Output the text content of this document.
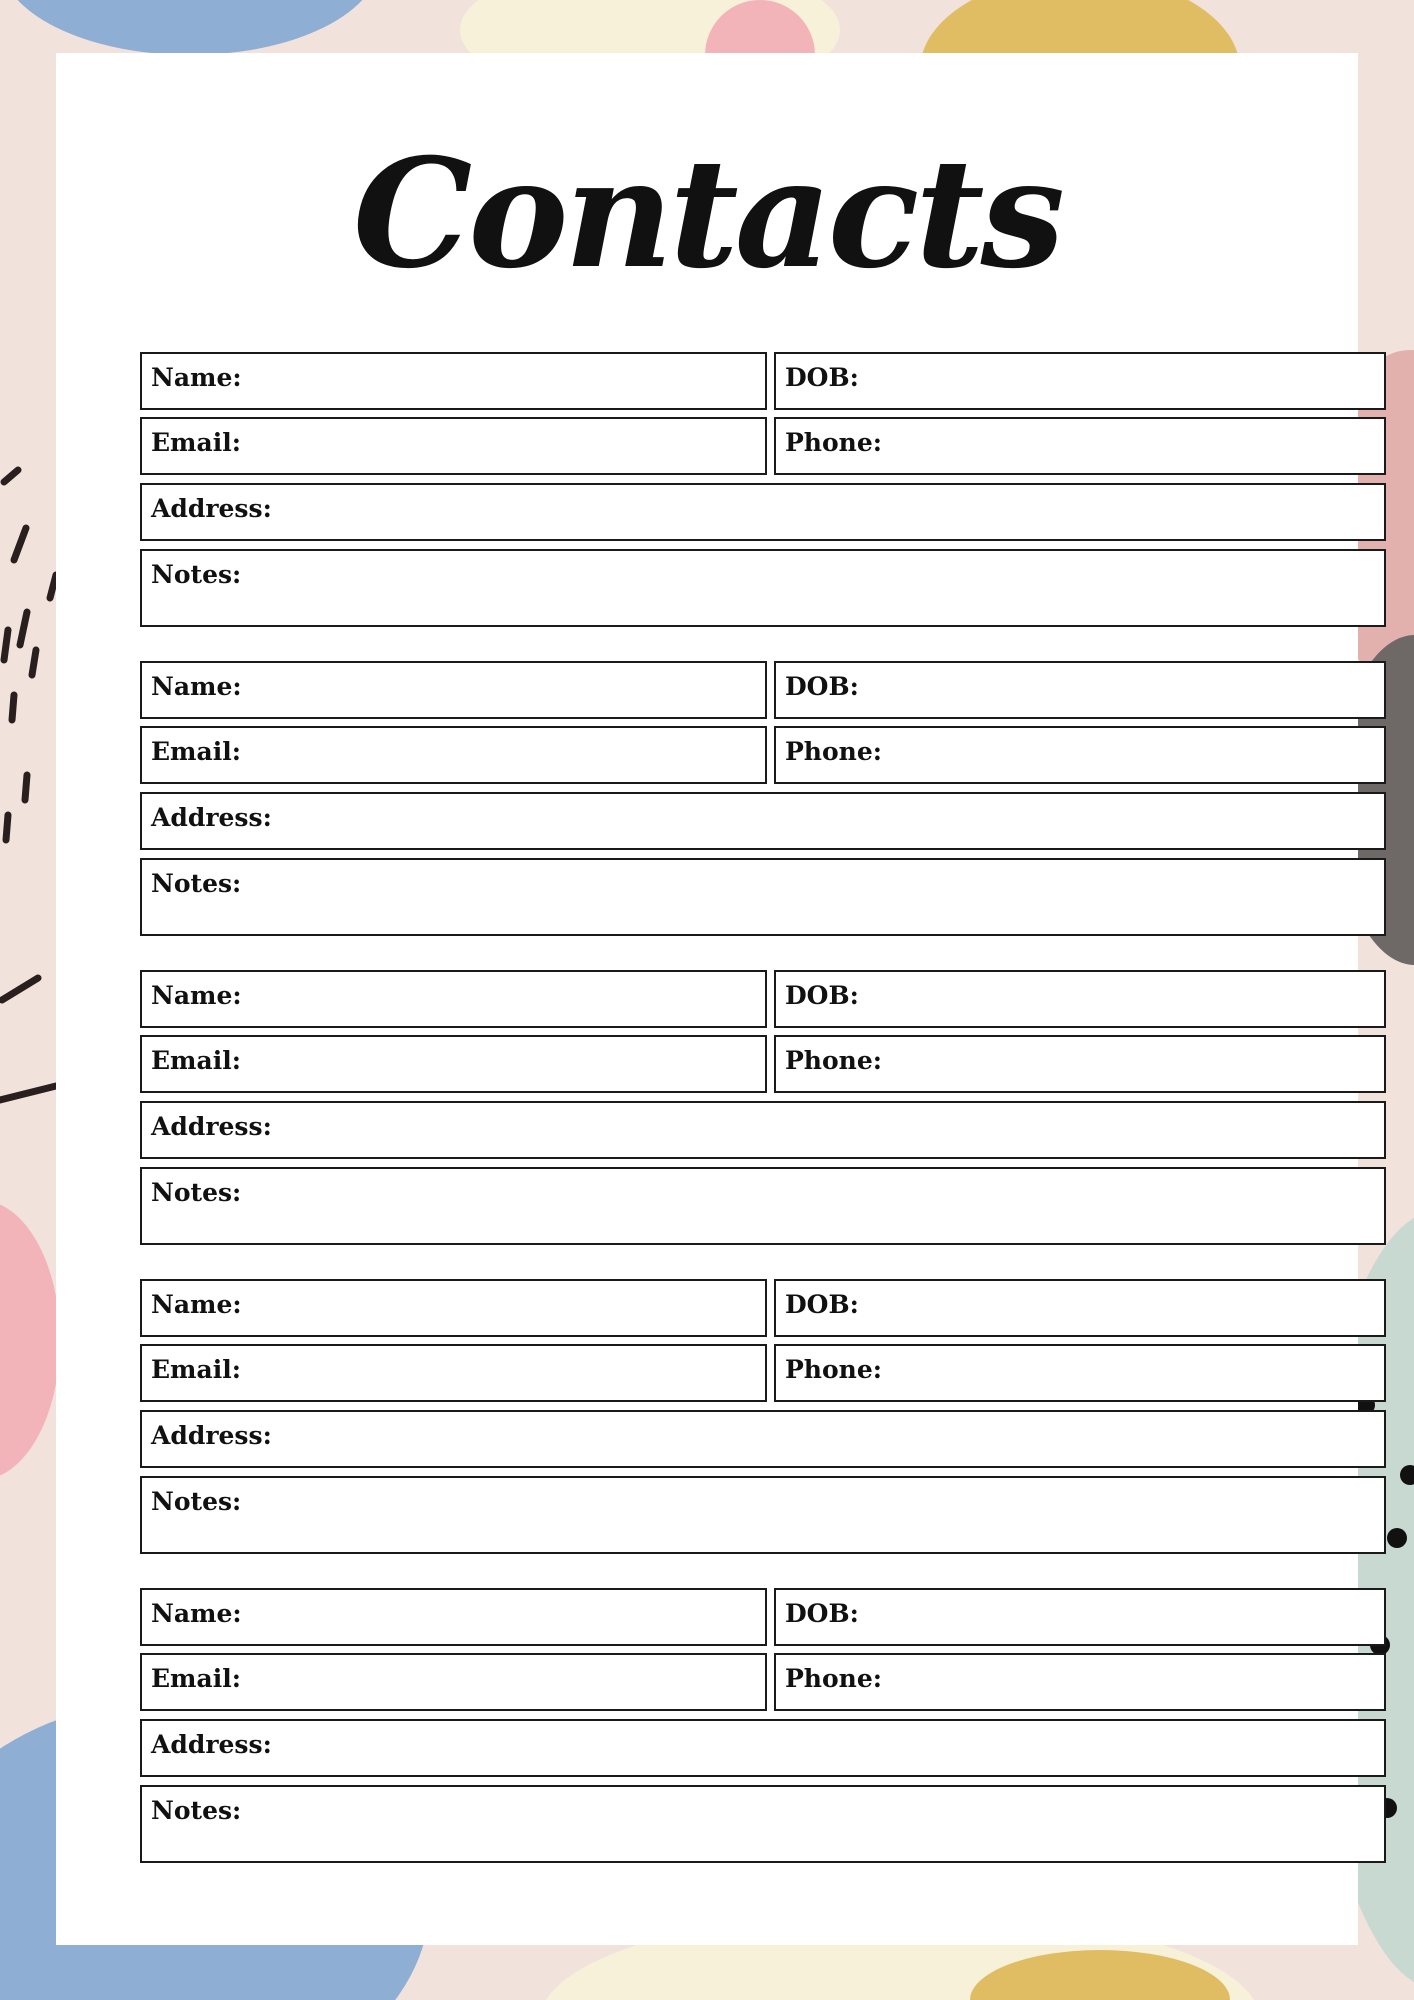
Contacts
Name:	DOB:
Email:	Phone:
Address:
Notes:
Name:	DOB:
Email:	Phone:
Address:
Notes:
Name:	DOB:
Email:	Phone:
Address:
Notes:
Name:	DOB:
Email:	Phone:
Address:
Notes:
Name:	DOB:
Email:	Phone:
Address:
Notes:
